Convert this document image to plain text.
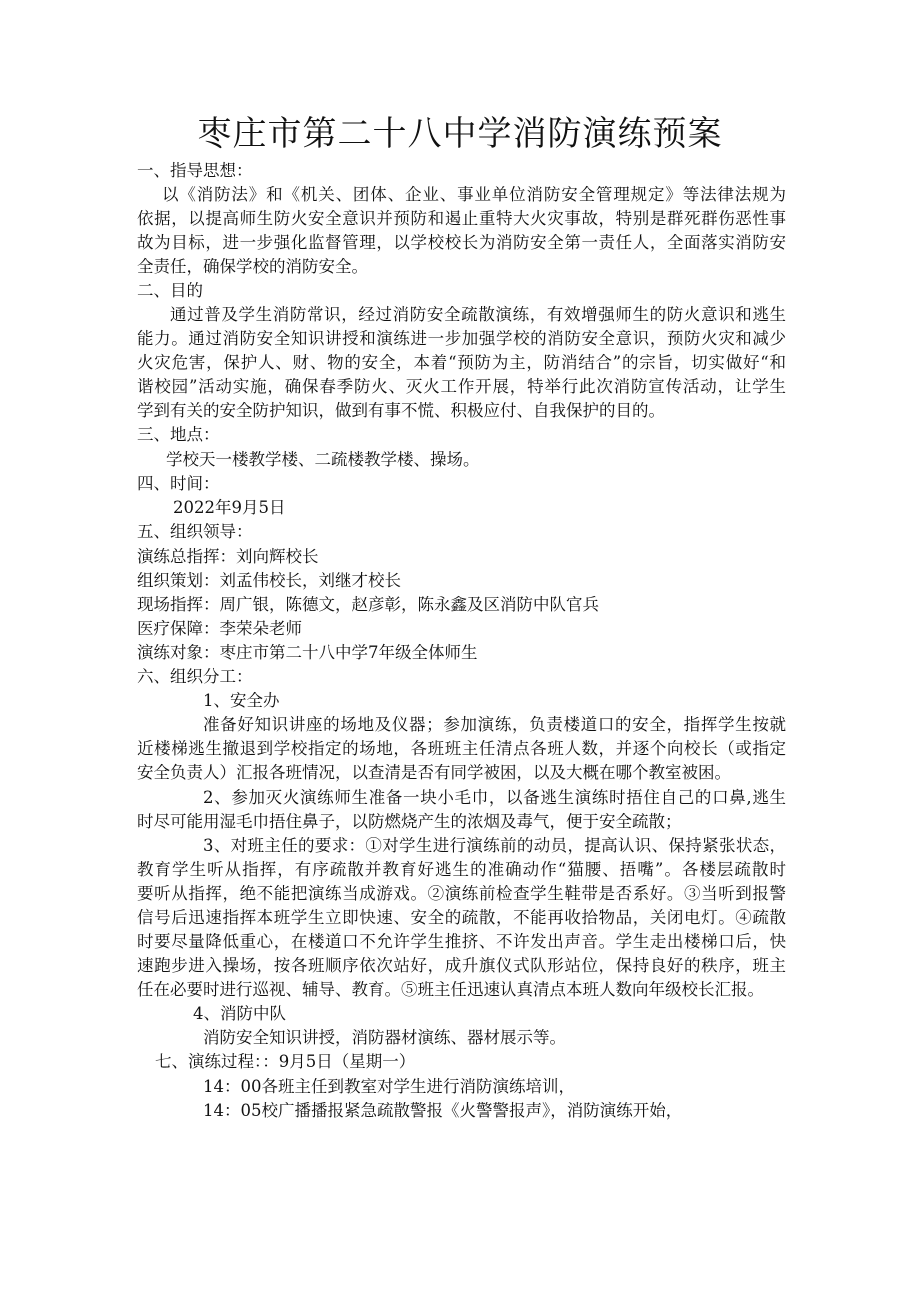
枣庄市第二十八中学消防演练预案
一、指导思想：
以《消防法》和《机关、团体、企业、事业单位消防安全管理规定》等法律法规为
依据，以提高师生防火安全意识并预防和遏止重特大火灾事故，特别是群死群伤恶性事
故为目标，进一步强化监督管理，以学校校长为消防安全第一责任人，全面落实消防安
全责任，确保学校的消防安全。
二、目的
通过普及学生消防常识，经过消防安全疏散演练，有效增强师生的防火意识和逃生
能力。通过消防安全知识讲授和演练进一步加强学校的消防安全意识，预防火灾和减少
火灾危害，保护人、财、物的安全，本着“预防为主，防消结合”的宗旨，切实做好“和
谐校园”活动实施，确保春季防火、灭火工作开展，特举行此次消防宣传活动，让学生
学到有关的安全防护知识，做到有事不慌、积极应付、自我保护的目的。
三、地点：
学校天一楼教学楼、二疏楼教学楼、操场。
四、时间：
2022年9月5日
五、组织领导：
演练总指挥：刘向辉校长
组织策划：刘孟伟校长，刘继才校长
现场指挥：周广银，陈德文，赵彦彰，陈永鑫及区消防中队官兵
医疗保障：李荣朵老师
演练对象：枣庄市第二十八中学7年级全体师生
六、组织分工：
1、安全办
准备好知识讲座的场地及仪器；参加演练，负责楼道口的安全，指挥学生按就
近楼梯逃生撤退到学校指定的场地，各班班主任清点各班人数，并逐个向校长（或指定
安全负责人）汇报各班情况，以查清是否有同学被困，以及大概在哪个教室被困。
2、参加灭火演练师生准备一块小毛巾，以备逃生演练时捂住自己的口鼻,逃生
时尽可能用湿毛巾捂住鼻子，以防燃烧产生的浓烟及毒气，便于安全疏散；
3、对班主任的要求：①对学生进行演练前的动员，提高认识、保持紧张状态，
教育学生听从指挥，有序疏散并教育好逃生的准确动作“猫腰、捂嘴”。各楼层疏散时
要听从指挥，绝不能把演练当成游戏。②演练前检查学生鞋带是否系好。③当听到报警
信号后迅速指挥本班学生立即快速、安全的疏散，不能再收拾物品，关闭电灯。④疏散
时要尽量降低重心，在楼道口不允许学生推挤、不许发出声音。学生走出楼梯口后，快
速跑步进入操场，按各班顺序依次站好，成升旗仪式队形站位，保持良好的秩序，班主
任在必要时进行巡视、辅导、教育。⑤班主任迅速认真清点本班人数向年级校长汇报。
4、消防中队
消防安全知识讲授，消防器材演练、器材展示等。
七、演练过程：：9月5日（星期一）
14：00各班主任到教室对学生进行消防演练培训，
14：05校广播播报紧急疏散警报《火警警报声》，消防演练开始，
